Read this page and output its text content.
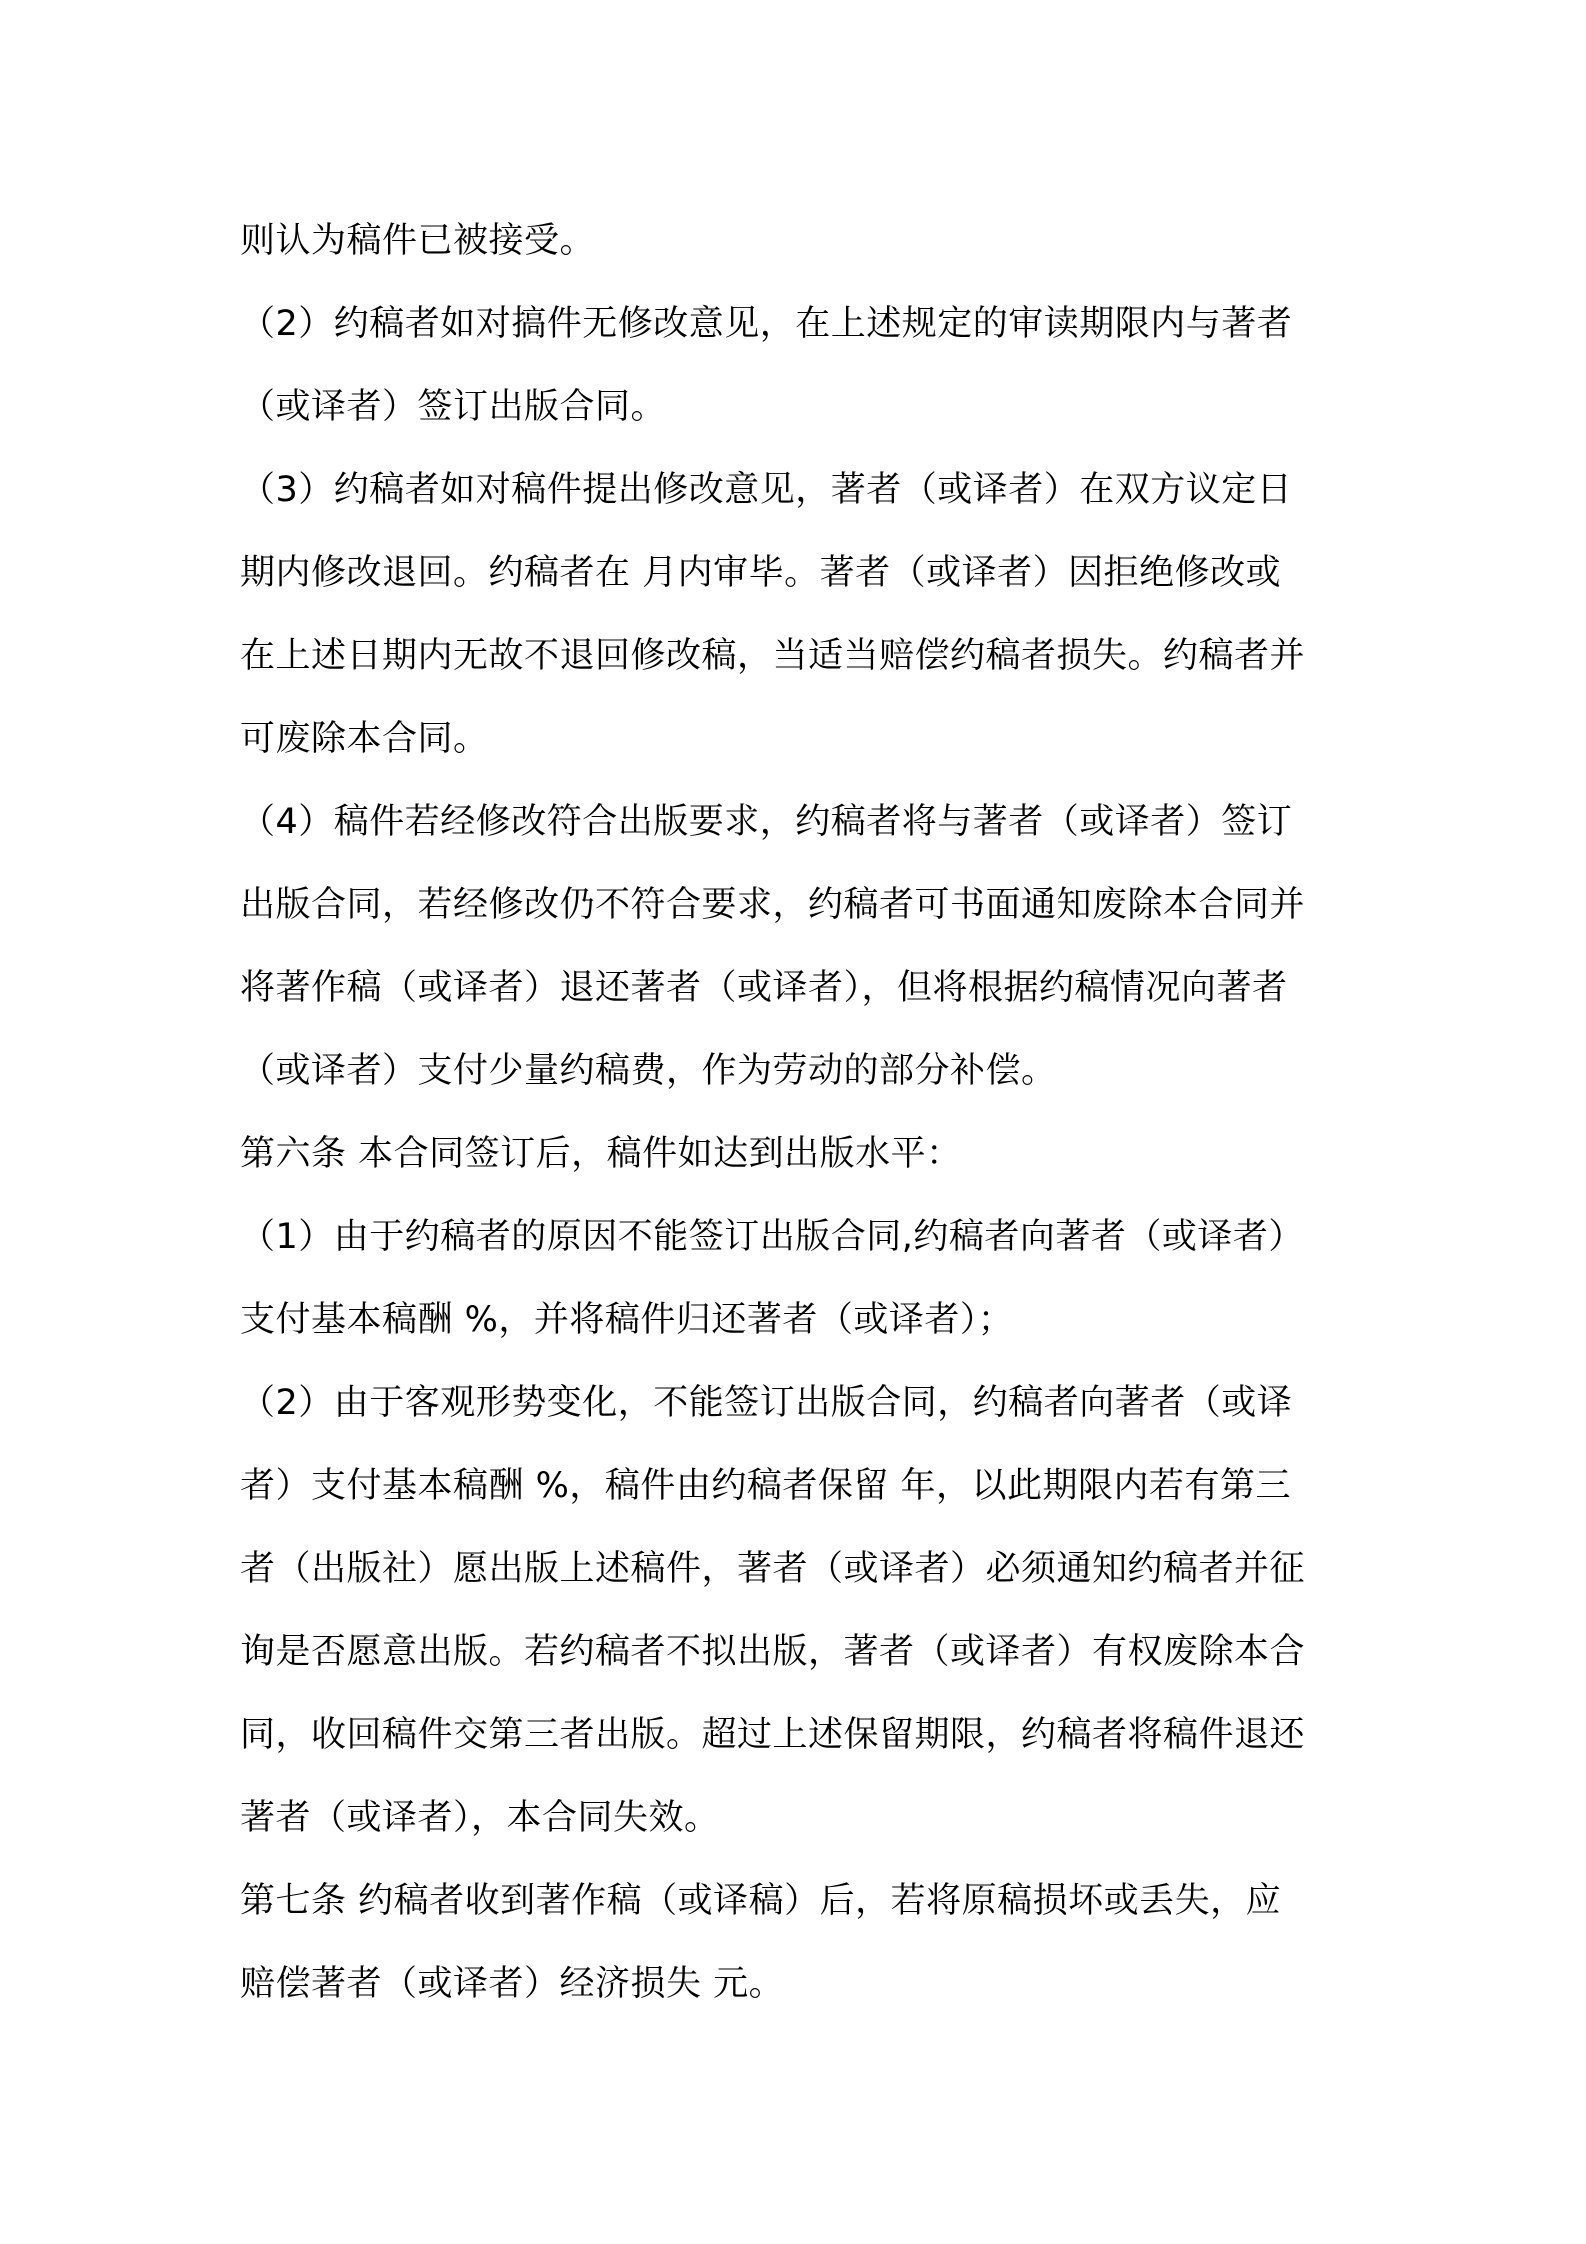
则认为稿件已被接受。
（2）约稿者如对搞件无修改意见，在上述规定的审读期限内与著者
（或译者）签订出版合同。
（3）约稿者如对稿件提出修改意见，著者（或译者）在双方议定日
期内修改退回。约稿者在 月内审毕。著者（或译者）因拒绝修改或
在上述日期内无故不退回修改稿，当适当赔偿约稿者损失。约稿者并
可废除本合同。
（4）稿件若经修改符合出版要求，约稿者将与著者（或译者）签订
出版合同，若经修改仍不符合要求，约稿者可书面通知废除本合同并
将著作稿（或译者）退还著者（或译者），但将根据约稿情况向著者
（或译者）支付少量约稿费，作为劳动的部分补偿。
第六条 本合同签订后，稿件如达到出版水平：
（1）由于约稿者的原因不能签订出版合同,约稿者向著者（或译者）
支付基本稿酬 %，并将稿件归还著者（或译者）；
（2）由于客观形势变化，不能签订出版合同，约稿者向著者（或译
者）支付基本稿酬 %，稿件由约稿者保留 年，以此期限内若有第三
者（出版社）愿出版上述稿件，著者（或译者）必须通知约稿者并征
询是否愿意出版。若约稿者不拟出版，著者（或译者）有权废除本合
同，收回稿件交第三者出版。超过上述保留期限，约稿者将稿件退还
著者（或译者），本合同失效。
第七条 约稿者收到著作稿（或译稿）后，若将原稿损坏或丢失，应
赔偿著者（或译者）经济损失 元。
